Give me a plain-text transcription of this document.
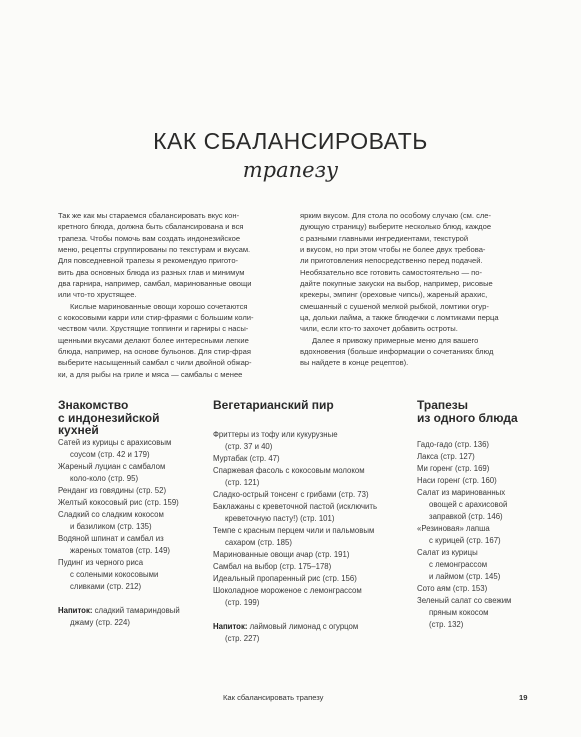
КАК СБАЛАНСИРОВАТЬ
трапезу

Так же как мы стараемся сбалансировать вкус кон-
кретного блюда, должна быть сбалансирована и вся
трапеза. Чтобы помочь вам создать индонезийское
меню, рецепты сгруппированы по текстурам и вкусам.
Для повседневной трапезы я рекомендую пригото-
вить два основных блюда из разных глав и минимум
два гарнира, например, самбал, маринованные овощи
или что-то хрустящее.

Кислые маринованные овощи хорошо сочетаются
с кокосовыми карри или стир-фраями с большим коли-
чеством чили. Хрустящие топпинги и гарниры с насы-
щенными вкусами делают более интересными легкие
блюда, например, на основе бульонов. Для стир-фрая
выберите насыщенный самбал с чили двойной обжар-
ки, а для рыбы на гриле и мяса — самбалы с менее

ярким вкусом. Для стола по особому случаю (см. сле-
дующую страницу) выберите несколько блюд, каждое
с разными главными ингредиентами, текстурой
и вкусом, но при этом чтобы не более двух требова-
ли приготовления непосредственно перед подачей.
Необязательно все готовить самостоятельно — по-
дайте покупные закуски на выбор, например, рисовые
крекеры, эмпинг (ореховые чипсы), жареный арахис,
смешанный с сушеной мелкой рыбкой, ломтики огур-
ца, дольки лайма, а также блюдечки с ломтиками перца
чили, если кто-то захочет добавить остроты.

Далее я привожу примерные меню для вашего
вдохновения (больше информации о сочетаниях блюд
вы найдете в конце рецептов).

Знакомство
с индонезийской
кухней

Сатей из курицы с арахисовым
соусом (стр. 42 и 179)

Жареный луциан с самбалом
коло-коло (стр. 95)

Ренданг из говядины (стр. 52)

Желтый кокосовый рис (стр. 159)

Сладкий со сладким кокосом
и базиликом (стр. 135)

Водяной шпинат и самбал из
жареных томатов (стр. 149)

Пудинг из черного риса
с солеными кокосовыми
сливками (стр. 212)

Напиток: сладкий тамариндовый
джаму (стр. 224)

Вегетарианский пир

Фриттеры из тофу или кукурузные
(стр. 37 и 40)

Муртабак (стр. 47)

Спаржевая фасоль с кокосовым молоком
(стр. 121)

Сладко-острый тонсенг с грибами (стр. 73)

Баклажаны с креветочной пастой (исключить
креветочную пасту!) (стр. 101)

Темпе с красным перцем чили и пальмовым
сахаром (стр. 185)

Маринованные овощи ачар (стр. 191)

Самбал на выбор (стр. 175–178)

Идеальный пропаренный рис (стр. 156)

Шоколадное мороженое с лемонграссом
(стр. 199)

Напиток: лаймовый лимонад с огурцом
(стр. 227)

Трапезы
из одного блюда

Гадо-гадо (стр. 136)

Лакса (стр. 127)

Ми горенг (стр. 169)

Наси горенг (стр. 160)

Салат из маринованных
овощей с арахисовой
заправкой (стр. 146)

«Резиновая» лапша
с курицей (стр. 167)

Салат из курицы
с лемонграссом
и лаймом (стр. 145)

Сото аям (стр. 153)

Зеленый салат со свежим
пряным кокосом
(стр. 132)

Как сбалансировать трапезу	19
